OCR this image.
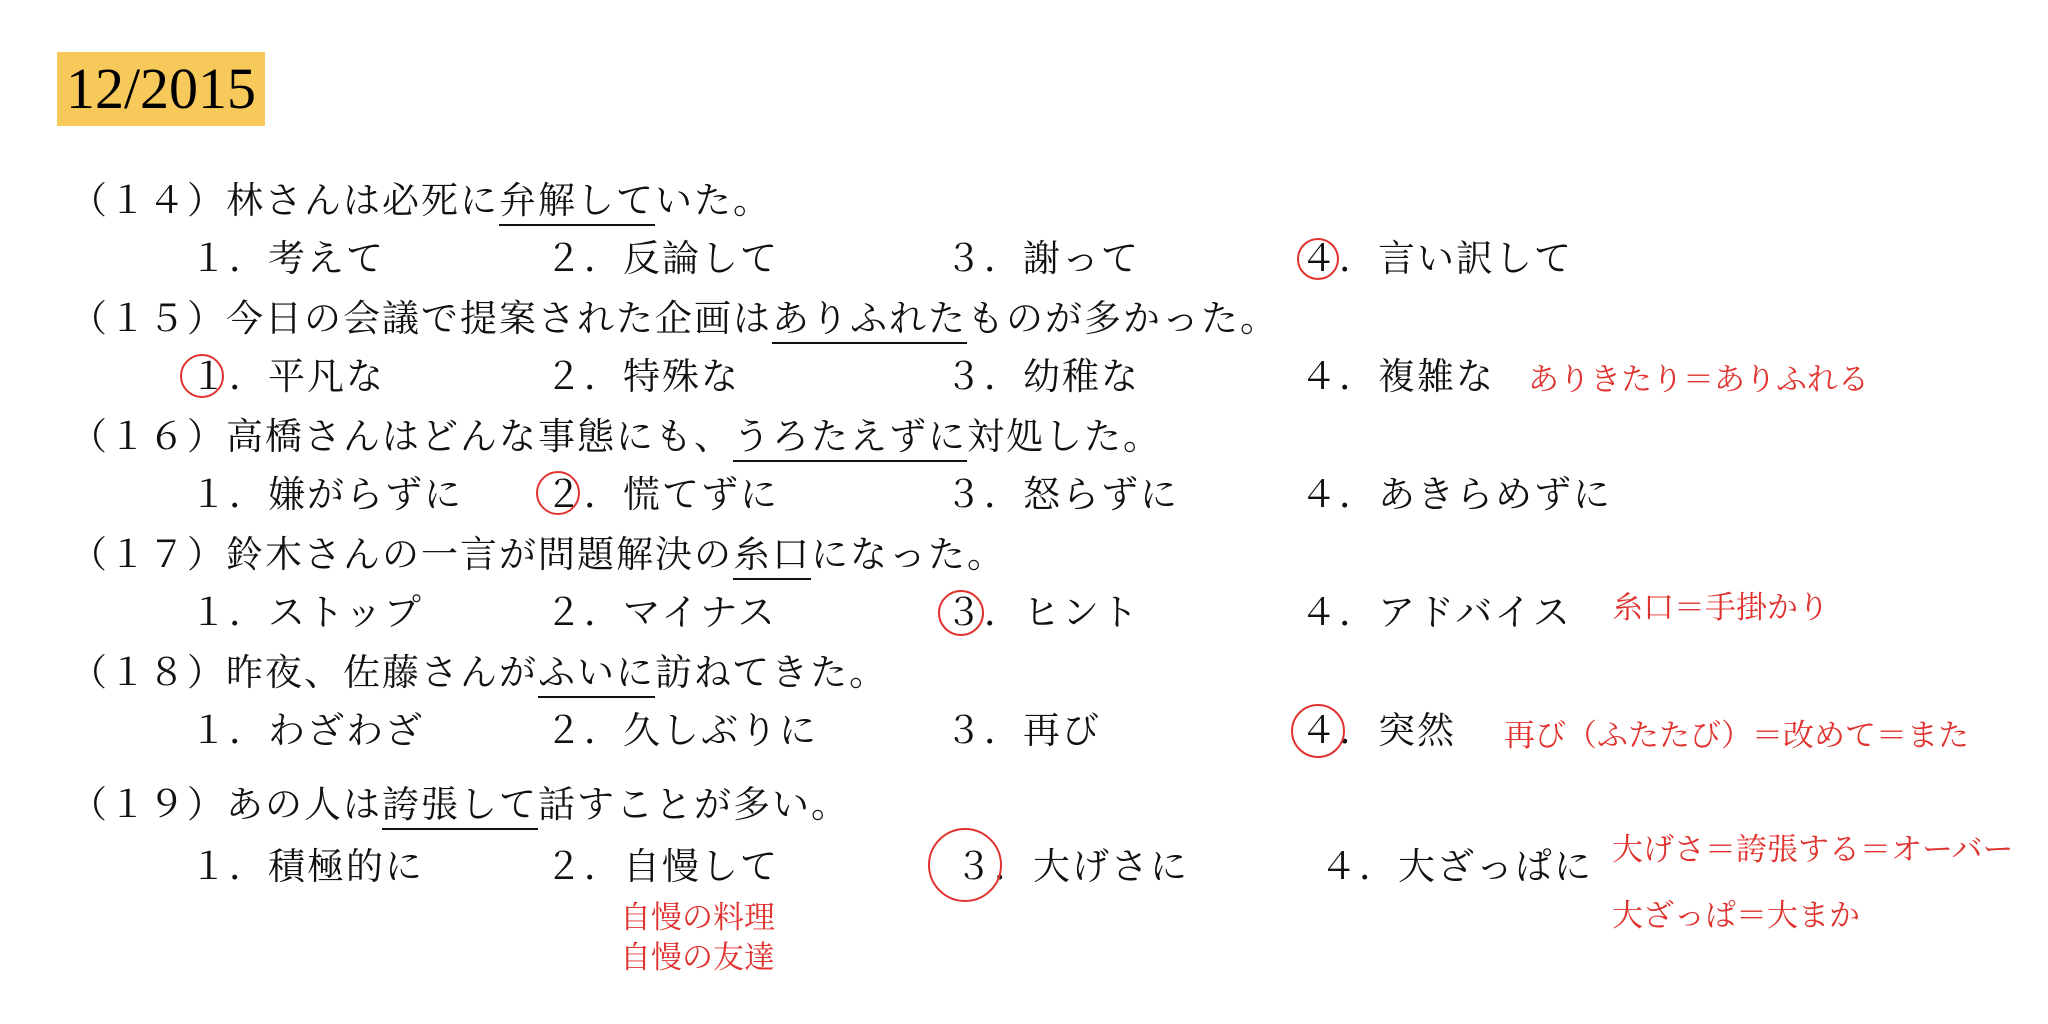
12/2015
（１４）林さんは必死に弁解していた。
１．考えて	２．反論して	３．謝って	４．言い訳して
（１５）今日の会議で提案された企画はありふれたものが多かった。
１．平凡な	２．特殊な	３．幼稚な	４．複雑な ありきたり＝ありふれる
（１６）高橋さんはどんな事態にも、うろたえずに対処した。
１．嫌がらずに ２．慌てずに	３．怒らずに	４．あきらめずに
（１７）鈴木さんの一言が問題解決の糸口になった。
１．ストップ	２．マイナス	３．ヒント	４．アドバイス 糸口＝手掛かり
（１８）昨夜、佐藤さんがふいに訪ねてきた。
１．わざわざ	２．久しぶりに	３．再び	４．突然 再び（ふたたび）＝改めて＝また
（１９）あの人は誇張して話すことが多い。
１．積極的に	２．自慢して	３．大げさに	４．大ざっぱに 大げさ＝誇張する＝オーバー
大ざっぱ＝大まか
自慢の料理
自慢の友達
